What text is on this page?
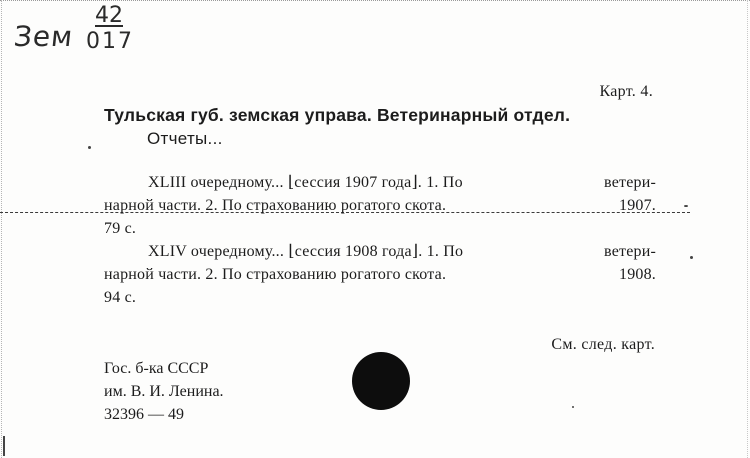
Зем $\frac{42}{017}$
Карт. 4.
Тульская губ. земская управа. Ветеринарный отдел.
Отчеты...
XLIII очередному... ⌊сессия 1907 года⌋. 1. По	ветери-
нарной части. 2. По страхованию рогатого скота.	1907.
79 с.
XLIV очередному... ⌊сессия 1908 года⌋. 1. По	ветери-
нарной части. 2. По страхованию рогатого скота.	1908.
94 с.
См. след. карт.
Гос. б-ка СССР
им. В. И. Ленина.
32396 — 49
